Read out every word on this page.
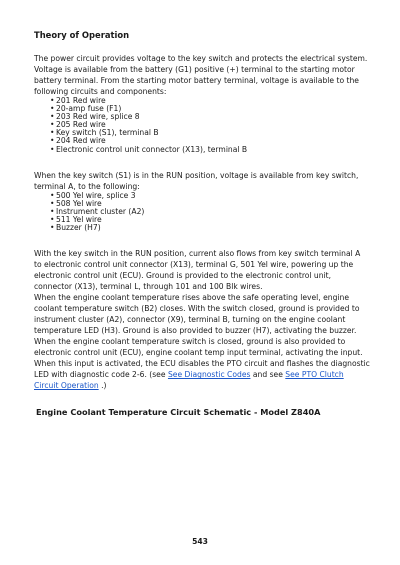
Theory of Operation

The power circuit provides voltage to the key switch and protects the electrical system.

Voltage is available from the battery (G1) positive (+) terminal to the starting motor battery terminal. From the starting motor battery terminal, voltage is available to the following circuits and components:

• 201 Red wire
• 20-amp fuse (F1)
• 203 Red wire, splice 8
• 205 Red wire
• Key switch (S1), terminal B
• 204 Red wire
• Electronic control unit connector (X13), terminal B

When the key switch (S1) is in the RUN position, voltage is available from key switch, terminal A, to the following:

• 500 Yel wire, splice 3
• 508 Yel wire
• Instrument cluster (A2)
• 511 Yel wire
• Buzzer (H7)

With the key switch in the RUN position, current also flows from key switch terminal A to electronic control unit connector (X13), terminal G, 501 Yel wire, powering up the electronic control unit (ECU). Ground is provided to the electronic control unit, connector (X13), terminal L, through 101 and 100 Blk wires.

When the engine coolant temperature rises above the safe operating level, engine coolant temperature switch (B2) closes. With the switch closed, ground is provided to instrument cluster (A2), connector (X9), terminal B, turning on the engine coolant temperature LED (H3). Ground is also provided to buzzer (H7), activating the buzzer.

When the engine coolant temperature switch is closed, ground is also provided to electronic control unit (ECU), engine coolant temp input terminal, activating the input. When this input is activated, the ECU disables the PTO circuit and flashes the diagnostic LED with diagnostic code 2-6. (see See Diagnostic Codes and see See PTO Clutch Circuit Operation .)

Engine Coolant Temperature Circuit Schematic - Model Z840A
543
